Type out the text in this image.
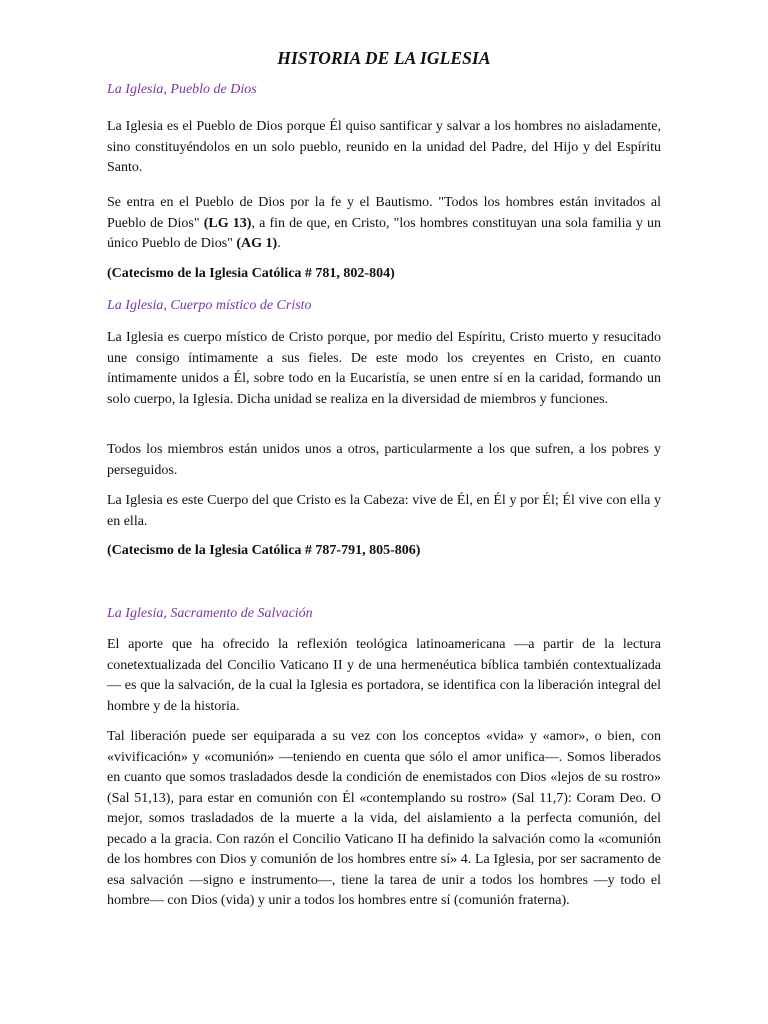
HISTORIA DE LA IGLESIA
La Iglesia, Pueblo de Dios

La Iglesia es el Pueblo de Dios porque Él quiso santificar y salvar a los hombres no aisladamente, sino constituyéndolos en un solo pueblo, reunido en la unidad del Padre, del Hijo y del Espíritu Santo.

Se entra en el Pueblo de Dios por la fe y el Bautismo. "Todos los hombres están invitados al Pueblo de Dios" (LG 13), a fin de que, en Cristo, "los hombres constituyan una sola familia y un único Pueblo de Dios" (AG 1).

(Catecismo de la Iglesia Católica # 781, 802-804)

La Iglesia, Cuerpo místico de Cristo

La Iglesia es cuerpo místico de Cristo porque, por medio del Espíritu, Cristo muerto y resucitado une consigo íntimamente a sus fieles. De este modo los creyentes en Cristo, en cuanto íntimamente unidos a Él, sobre todo en la Eucaristía, se unen entre sí en la caridad, formando un solo cuerpo, la Iglesia. Dicha unidad se realiza en la diversidad de miembros y funciones.

Todos los miembros están unidos unos a otros, particularmente a los que sufren, a los pobres y perseguidos.

La Iglesia es este Cuerpo del que Cristo es la Cabeza: vive de Él, en Él y por Él; Él vive con ella y en ella.

(Catecismo de la Iglesia Católica # 787-791, 805-806)

La Iglesia, Sacramento de Salvación

El aporte que ha ofrecido la reflexión teológica latinoamericana —a partir de la lectura conetextualizada del Concilio Vaticano II y de una hermenéutica bíblica también contextualizada— es que la salvación, de la cual la Iglesia es portadora, se identifica con la liberación integral del hombre y de la historia.

Tal liberación puede ser equiparada a su vez con los conceptos «vida» y «amor», o bien, con «vivificación» y «comunión» —teniendo en cuenta que sólo el amor unifica—. Somos liberados en cuanto que somos trasladados desde la condición de enemistados con Dios «lejos de su rostro» (Sal 51,13), para estar en comunión con Él «contemplando su rostro» (Sal 11,7): Coram Deo. O mejor, somos trasladados de la muerte a la vida, del aislamiento a la perfecta comunión, del pecado a la gracia. Con razón el Concilio Vaticano II ha definido la salvación como la «comunión de los hombres con Dios y comunión de los hombres entre sí» 4. La Iglesia, por ser sacramento de esa salvación —signo e instrumento—, tiene la tarea de unir a todos los hombres —y todo el hombre— con Dios (vida) y unir a todos los hombres entre sí (comunión fraterna).
